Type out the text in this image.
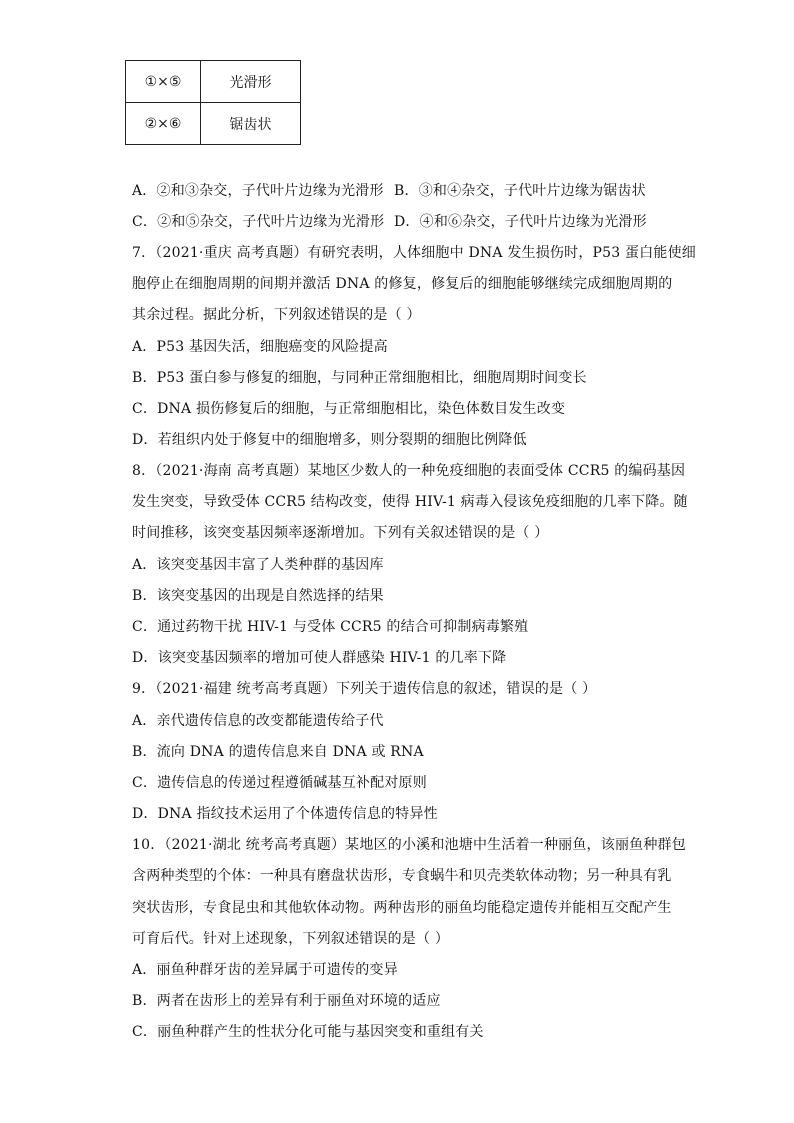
①×⑤	光滑形
②×⑥	锯齿状
A．②和③杂交，子代叶片边缘为光滑形 B．③和④杂交，子代叶片边缘为锯齿状
C．②和⑤杂交，子代叶片边缘为光滑形 D．④和⑥杂交，子代叶片边缘为光滑形
7．（2021·重庆 高考真题）有研究表明，人体细胞中 DNA 发生损伤时，P53 蛋白能使细
胞停止在细胞周期的间期并激活 DNA 的修复，修复后的细胞能够继续完成细胞周期的
其余过程。据此分析，下列叙述错误的是（ ）
A．P53 基因失活，细胞癌变的风险提高
B．P53 蛋白参与修复的细胞，与同种正常细胞相比，细胞周期时间变长
C．DNA 损伤修复后的细胞，与正常细胞相比，染色体数目发生改变
D．若组织内处于修复中的细胞增多，则分裂期的细胞比例降低
8．（2021·海南 高考真题）某地区少数人的一种免疫细胞的表面受体 CCR5 的编码基因
发生突变，导致受体 CCR5 结构改变，使得 HIV-1 病毒入侵该免疫细胞的几率下降。随
时间推移，该突变基因频率逐渐增加。下列有关叙述错误的是（ ）
A．该突变基因丰富了人类种群的基因库
B．该突变基因的出现是自然选择的结果
C．通过药物干扰 HIV-1 与受体 CCR5 的结合可抑制病毒繁殖
D．该突变基因频率的增加可使人群感染 HIV-1 的几率下降
9．（2021·福建 统考高考真题）下列关于遗传信息的叙述，错误的是（ ）
A．亲代遗传信息的改变都能遗传给子代
B．流向 DNA 的遗传信息来自 DNA 或 RNA
C．遗传信息的传递过程遵循碱基互补配对原则
D．DNA 指纹技术运用了个体遗传信息的特异性
10．（2021·湖北 统考高考真题）某地区的小溪和池塘中生活着一种丽鱼，该丽鱼种群包
含两种类型的个体：一种具有磨盘状齿形，专食蜗牛和贝壳类软体动物；另一种具有乳
突状齿形，专食昆虫和其他软体动物。两种齿形的丽鱼均能稳定遗传并能相互交配产生
可育后代。针对上述现象，下列叙述错误的是（ ）
A．丽鱼种群牙齿的差异属于可遗传的变异
B．两者在齿形上的差异有利于丽鱼对环境的适应
C．丽鱼种群产生的性状分化可能与基因突变和重组有关
